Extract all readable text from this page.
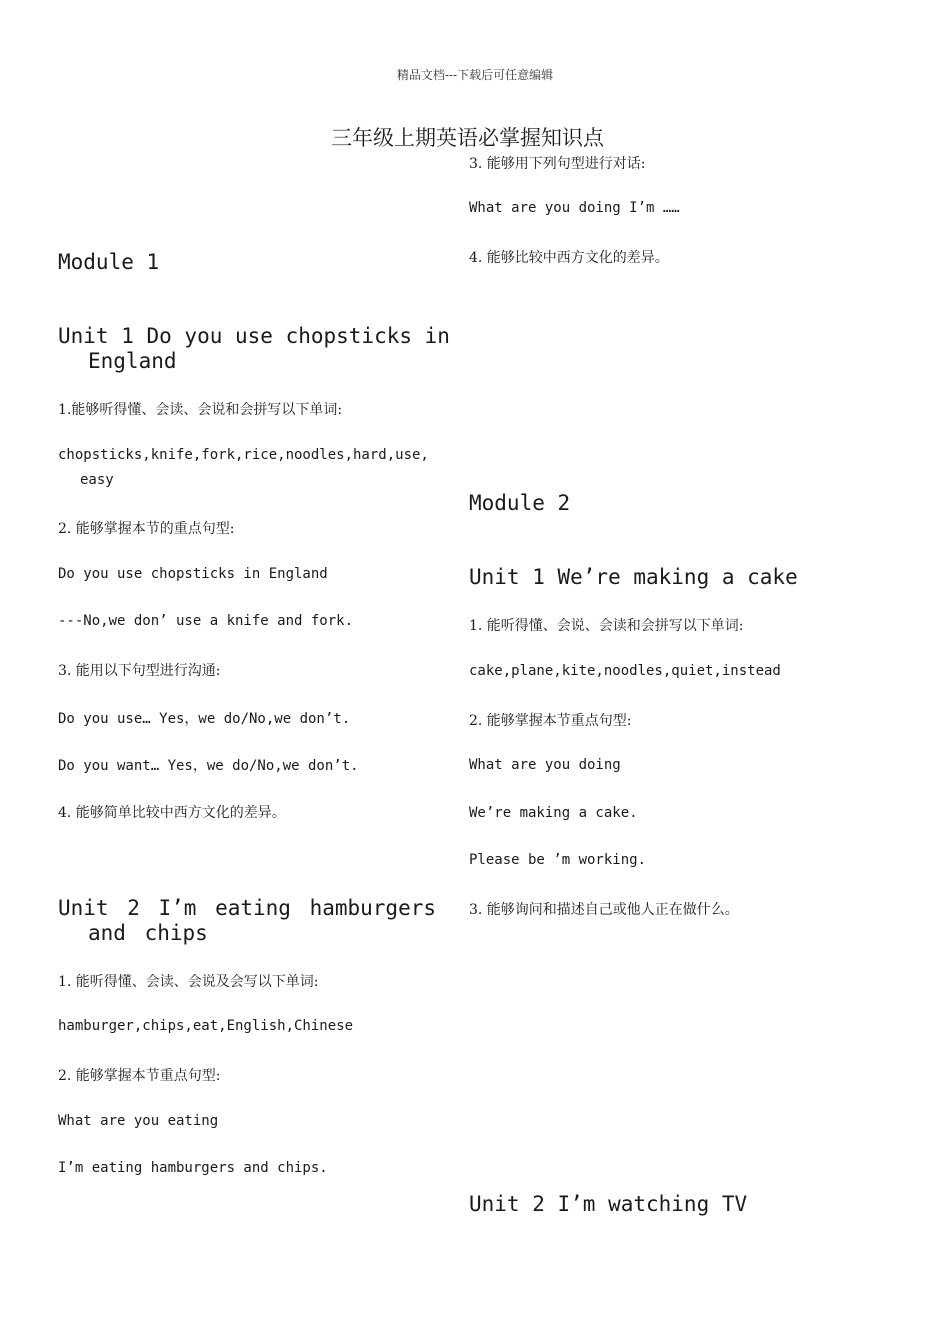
精品文档---下载后可任意编辑
三年级上期英语必掌握知识点
Module 1
Unit 1 Do you use chopsticks in England
1.能够听得懂、会读、会说和会拼写以下单词:
chopsticks,knife,fork,rice,noodles,hard,use, easy
2. 能够掌握本节的重点句型:
Do you use chopsticks in England
---No,we don’ use a knife and fork.
3. 能用以下句型进行沟通:
Do you use… Yes，we do/No,we don’t.
Do you want… Yes，we do/No,we don’t.
4. 能够简单比较中西方文化的差异。
Unit 2 I’m eating hamburgers and chips
1. 能听得懂、会读、会说及会写以下单词:
hamburger,chips,eat,English,Chinese
2. 能够掌握本节重点句型:
What are you eating
I’m eating hamburgers and chips.
3. 能够用下列句型进行对话:
What are you doing I’m ……
4. 能够比较中西方文化的差异。
Module 2
Unit 1 We’re making a cake
1. 能听得懂、会说、会读和会拼写以下单词:
cake,plane,kite,noodles,quiet,instead
2. 能够掌握本节重点句型:
What are you doing
We’re making a cake.
Please be ’m working.
3. 能够询问和描述自己或他人正在做什么。
Unit 2 I’m watching TV
